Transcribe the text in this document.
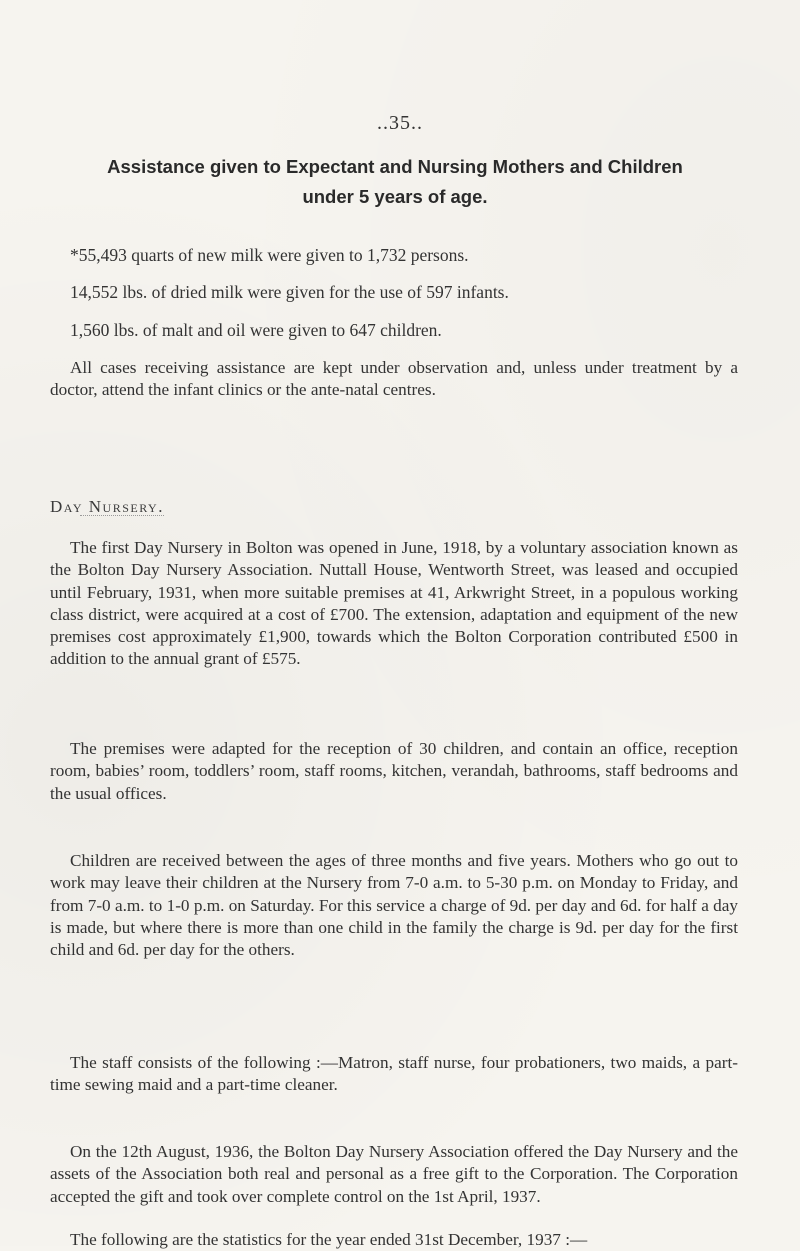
..35..
Assistance given to Expectant and Nursing Mothers and Children
under 5 years of age.
*55,493 quarts of new milk were given to 1,732 persons.
14,552 lbs. of dried milk were given for the use of 597 infants.
1,560 lbs. of malt and oil were given to 647 children.
All cases receiving assistance are kept under observation and, unless under treatment by a doctor, attend the infant clinics or the ante-natal centres.
Day Nursery.
The first Day Nursery in Bolton was opened in June, 1918, by a voluntary association known as the Bolton Day Nursery Association. Nuttall House, Wentworth Street, was leased and occupied until February, 1931, when more suitable premises at 41, Arkwright Street, in a populous working class district, were acquired at a cost of £700. The extension, adaptation and equipment of the new premises cost approximately £1,900, towards which the Bolton Corporation contributed £500 in addition to the annual grant of £575.
The premises were adapted for the reception of 30 children, and contain an office, reception room, babies’ room, toddlers’ room, staff rooms, kitchen, verandah, bathrooms, staff bedrooms and the usual offices.
Children are received between the ages of three months and five years. Mothers who go out to work may leave their children at the Nursery from 7-0 a.m. to 5-30 p.m. on Monday to Friday, and from 7-0 a.m. to 1-0 p.m. on Saturday. For this service a charge of 9d. per day and 6d. for half a day is made, but where there is more than one child in the family the charge is 9d. per day for the first child and 6d. per day for the others.
The staff consists of the following :—Matron, staff nurse, four probationers, two maids, a part-time sewing maid and a part-time cleaner.
On the 12th August, 1936, the Bolton Day Nursery Association offered the Day Nursery and the assets of the Association both real and personal as a free gift to the Corporation. The Corporation accepted the gift and took over complete control on the 1st April, 1937.
The following are the statistics for the year ended 31st December, 1937 :—
